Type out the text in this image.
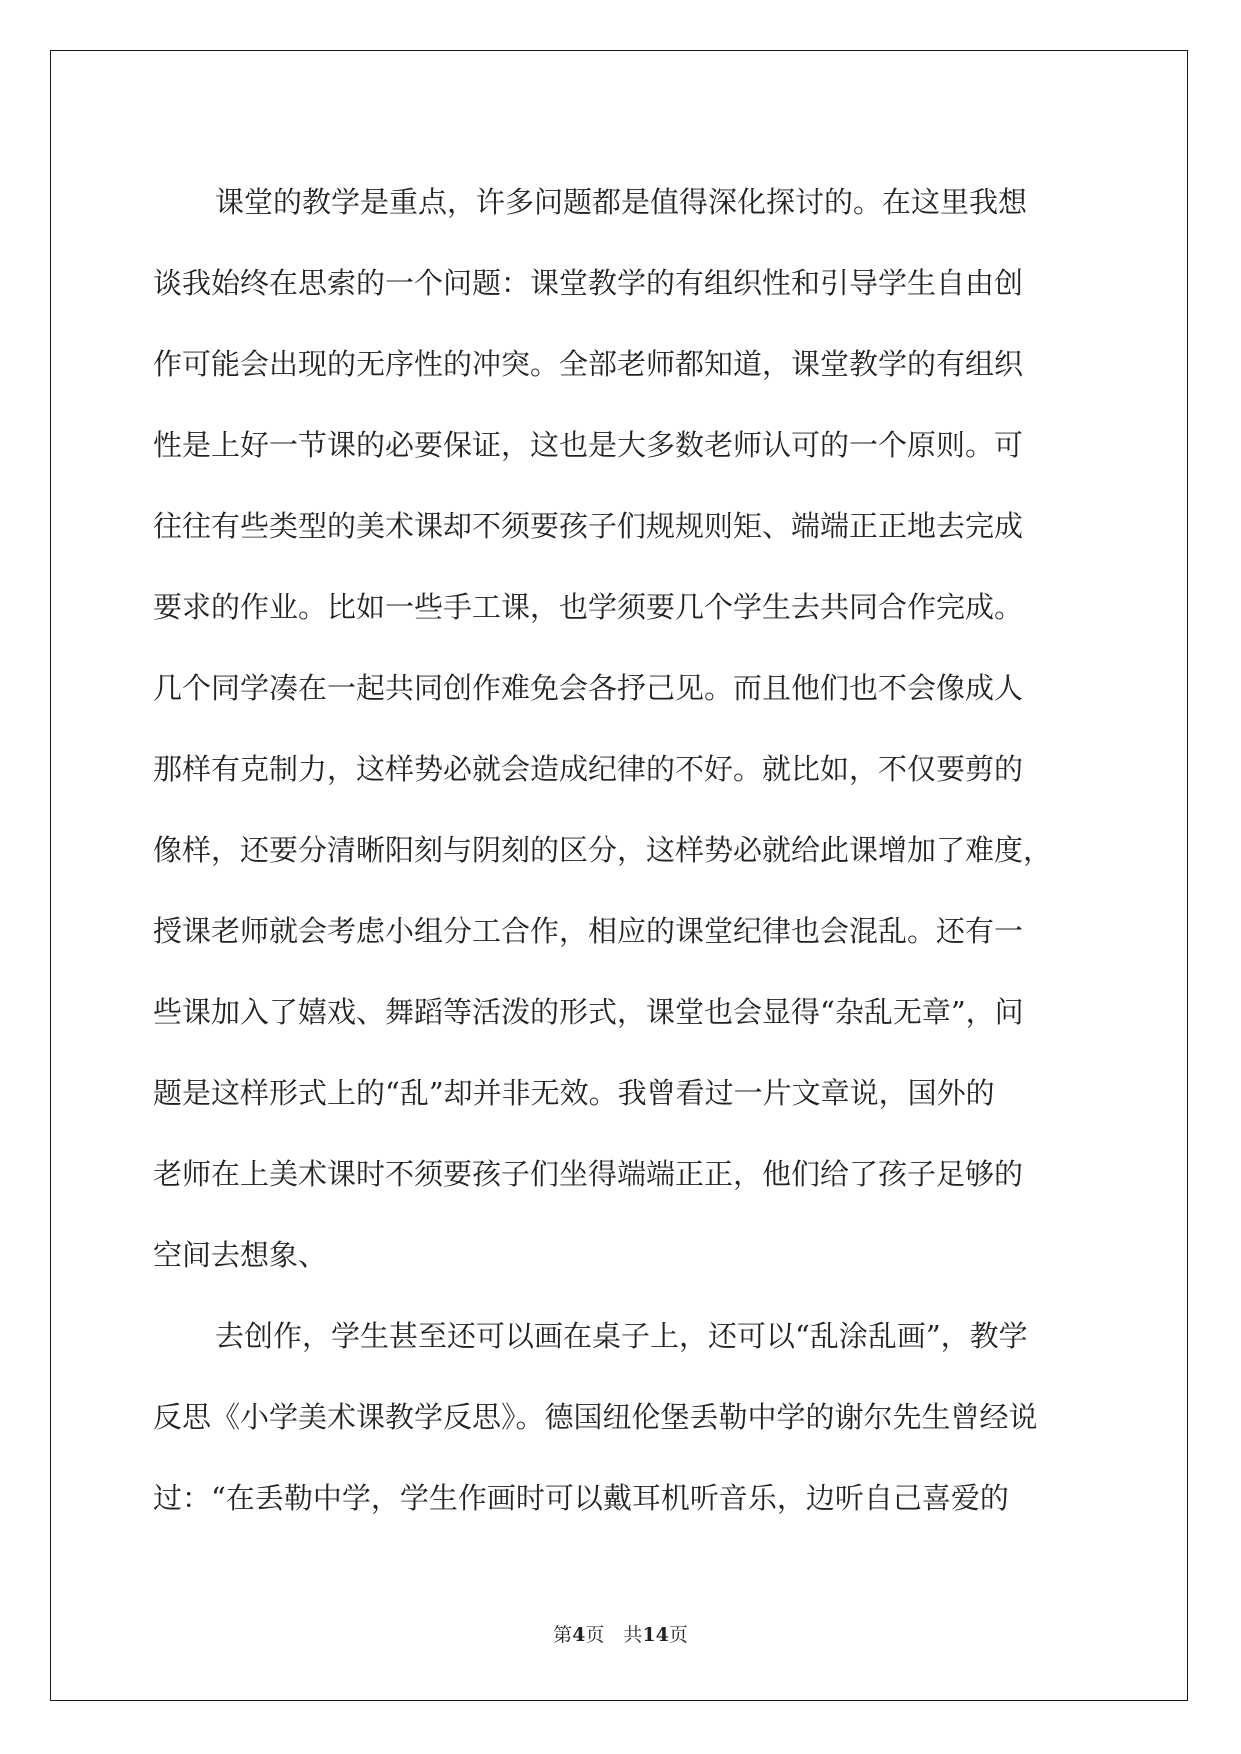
课堂的教学是重点，许多问题都是值得深化探讨的。在这里我想
谈我始终在思索的一个问题：课堂教学的有组织性和引导学生自由创
作可能会出现的无序性的冲突。全部老师都知道，课堂教学的有组织
性是上好一节课的必要保证，这也是大多数老师认可的一个原则。可
往往有些类型的美术课却不须要孩子们规规则矩、端端正正地去完成
要求的作业。比如一些手工课，也学须要几个学生去共同合作完成。
几个同学凑在一起共同创作难免会各抒己见。而且他们也不会像成人
那样有克制力，这样势必就会造成纪律的不好。就比如，不仅要剪的
像样，还要分清晰阳刻与阴刻的区分，这样势必就给此课增加了难度，
授课老师就会考虑小组分工合作，相应的课堂纪律也会混乱。还有一
些课加入了嬉戏、舞蹈等活泼的形式，课堂也会显得“杂乱无章”，问
题是这样形式上的“乱”却并非无效。我曾看过一片文章说，国外的
老师在上美术课时不须要孩子们坐得端端正正，他们给了孩子足够的
空间去想象、
去创作，学生甚至还可以画在桌子上，还可以“乱涂乱画”，教学
反思《小学美术课教学反思》。德国纽伦堡丢勒中学的谢尔先生曾经说
过：“在丢勒中学，学生作画时可以戴耳机听音乐，边听自己喜爱的
第4页　共14页
